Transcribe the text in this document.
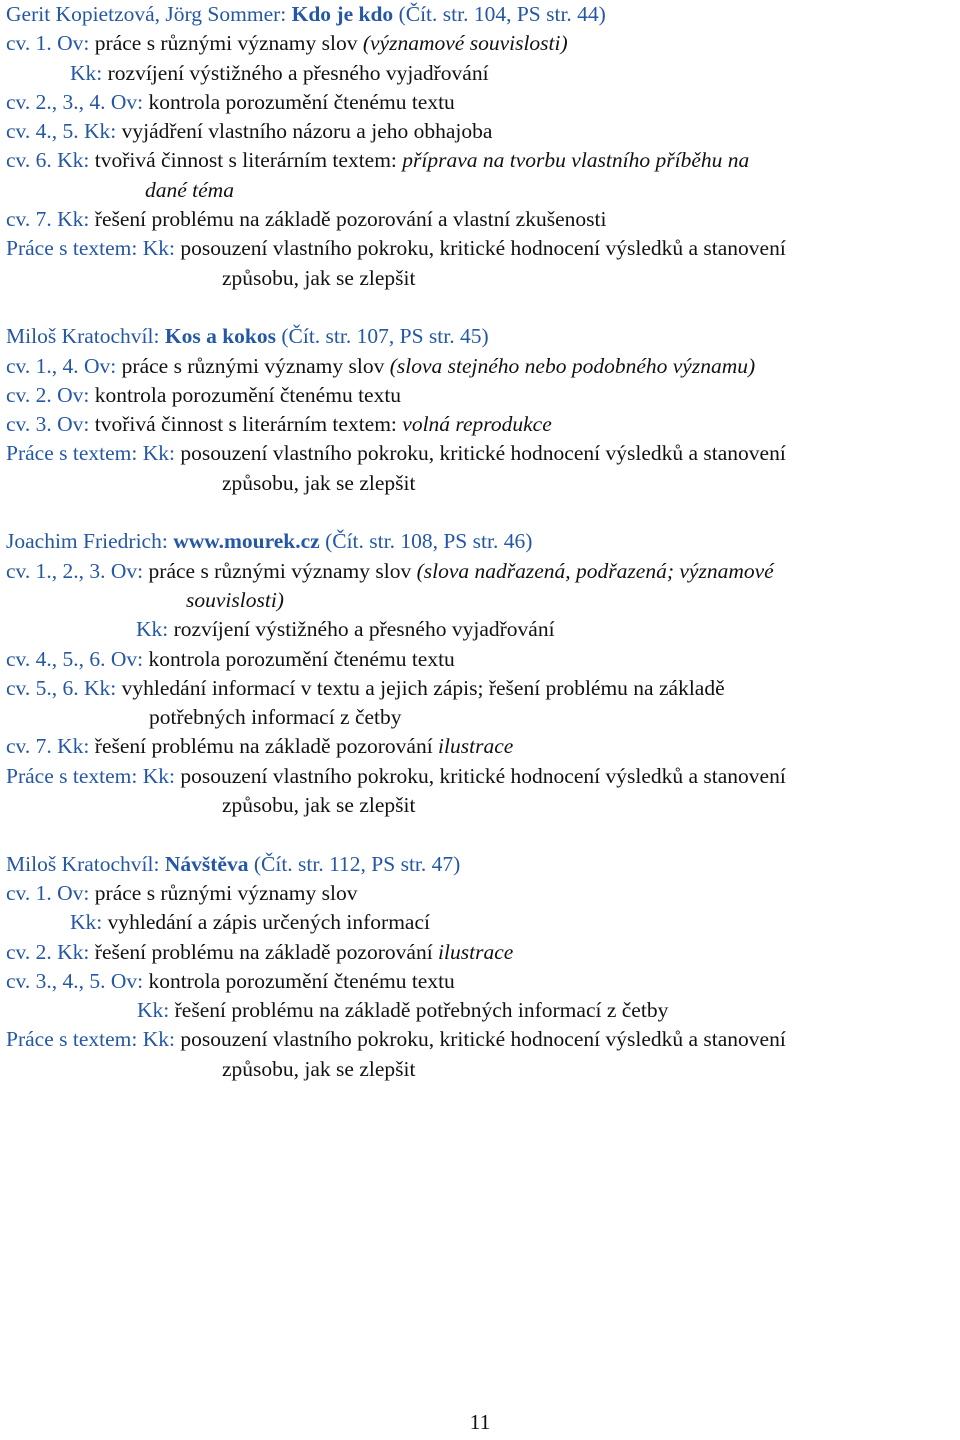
Gerit Kopietzová, Jörg Sommer: Kdo je kdo (Čít. str. 104, PS str. 44)
cv. 1. Ov: práce s různými významy slov (významové souvislosti)
Kk: rozvíjení výstižného a přesného vyjadřování
cv. 2., 3., 4. Ov: kontrola porozumění čtenému textu
cv. 4., 5. Kk: vyjádření vlastního názoru a jeho obhajoba
cv. 6. Kk: tvořivá činnost s literárním textem: příprava na tvorbu vlastního příběhu na
dané téma
cv. 7. Kk: řešení problému na základě pozorování a vlastní zkušenosti
Práce s textem: Kk: posouzení vlastního pokroku, kritické hodnocení výsledků a stanovení
způsobu, jak se zlepšit
Miloš Kratochvíl: Kos a kokos (Čít. str. 107, PS str. 45)
cv. 1., 4. Ov: práce s různými významy slov (slova stejného nebo podobného významu)
cv. 2. Ov: kontrola porozumění čtenému textu
cv. 3. Ov: tvořivá činnost s literárním textem: volná reprodukce
Práce s textem: Kk: posouzení vlastního pokroku, kritické hodnocení výsledků a stanovení
způsobu, jak se zlepšit
Joachim Friedrich: www.mourek.cz (Čít. str. 108, PS str. 46)
cv. 1., 2., 3. Ov: práce s různými významy slov (slova nadřazená, podřazená; významové
souvislosti)
Kk: rozvíjení výstižného a přesného vyjadřování
cv. 4., 5., 6. Ov: kontrola porozumění čtenému textu
cv. 5., 6. Kk: vyhledání informací v textu a jejich zápis; řešení problému na základě
potřebných informací z četby
cv. 7. Kk: řešení problému na základě pozorování ilustrace
Práce s textem: Kk: posouzení vlastního pokroku, kritické hodnocení výsledků a stanovení
způsobu, jak se zlepšit
Miloš Kratochvíl: Návštěva (Čít. str. 112, PS str. 47)
cv. 1. Ov: práce s různými významy slov
Kk: vyhledání a zápis určených informací
cv. 2. Kk: řešení problému na základě pozorování ilustrace
cv. 3., 4., 5. Ov: kontrola porozumění čtenému textu
Kk: řešení problému na základě potřebných informací z četby
Práce s textem: Kk: posouzení vlastního pokroku, kritické hodnocení výsledků a stanovení
způsobu, jak se zlepšit
11
